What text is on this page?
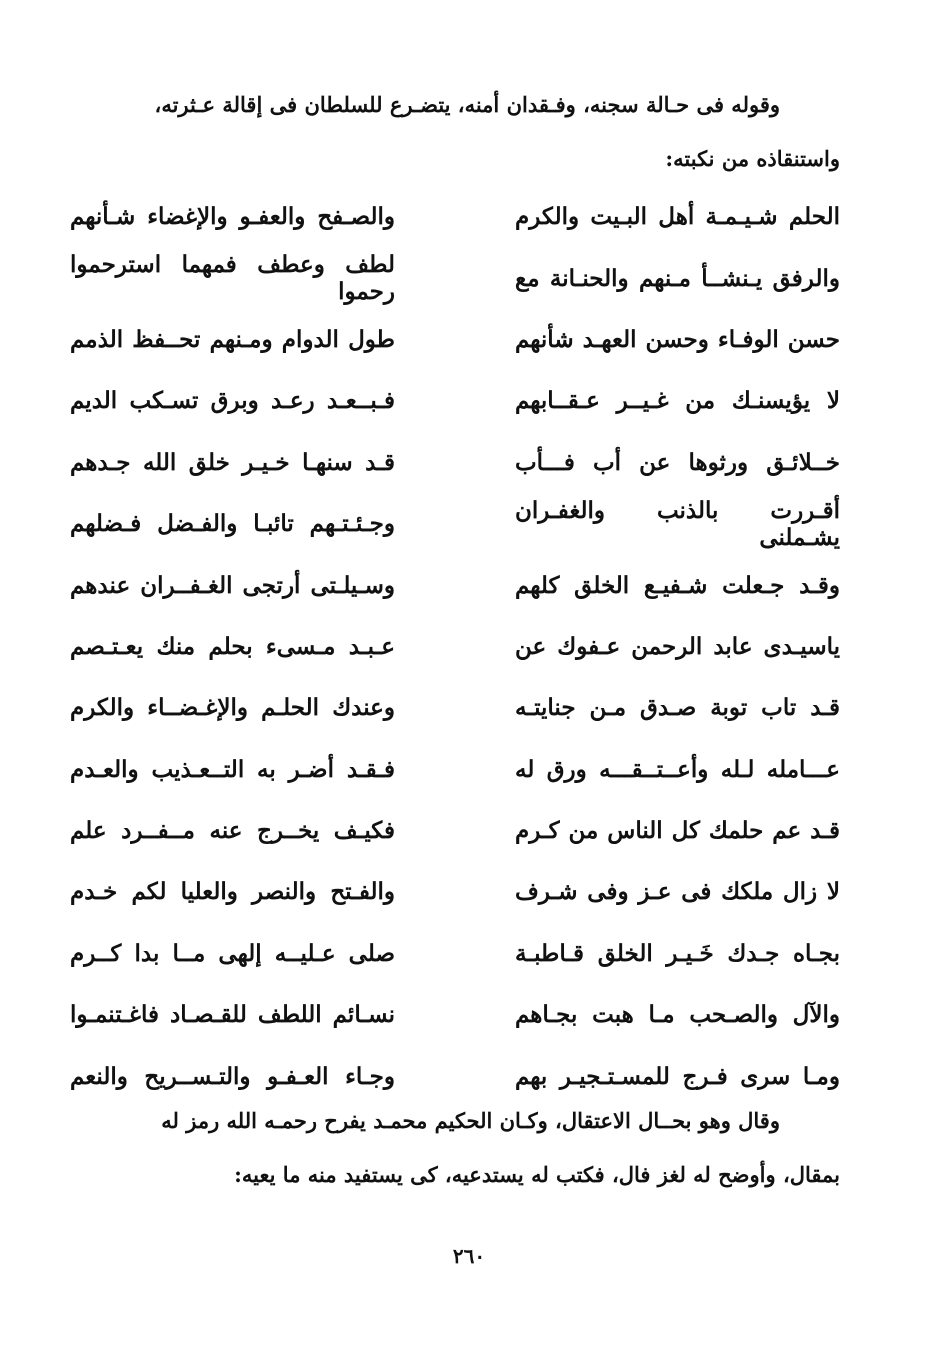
وقوله فى حـالة سجنه، وفـقدان أمنه، يتضـرع للسلطان فى إقالة عـثرته،
واستنقاذه من نكبته:
الحلم شـيـمـة أهل البـيت والكرم
والصـفح والعفـو والإغضاء شـأنهم
والرفق يـنشــأ مـنهم والحنـانة مع
لطف وعطف فمهما استرحموا رحموا
حسن الوفـاء وحسن العهـد شأنهم
طول الدوام ومـنهم تحــفظ الذمم
لا يؤيسنـك من غـيــر عـقــابهم
فـبــعـد رعـد وبرق تسـكب الديم
خــلائـق ورثوها عن أب فـــأب
قـد سنهـا خـيـر خلق الله جـدهم
أقـررت بالذنب والغفـران يشـملنى
وجـئـتـهم تائبـا والفـضل فـضلهم
وقـد جـعلت شـفيـع الخلق كلهم
وسـيلـتى أرتجى الغـفــران عندهم
ياسيـدى عابد الرحمن عـفوك عن
عـبـد مـسىء بحلم منك يعـتـصم
قـد تاب توبة صـدق مـن جنايتـه
وعندك الحلـم والإغـضــاء والكرم
عـــامله لـله وأعــتــقـــه ورق له
فـقـد أضـر به التــعـذيب والعـدم
قـد عم حلمك كل الناس من كـرم
فكيـف يخــرج عنه مــفــرد علم
لا زال ملكك فى عـز وفى شـرف
والفـتح والنصر والعليا لكم خـدم
بجـاه جـدك خَـيـر الخلق قـاطبـة
صلى عـليــه إلهى مــا بدا كــرم
والآل والصـحب مـا هبت بجـاهم
نسـائم اللطف للقـصـاد فاغـتنمـوا
ومـا سرى فـرج للمسـتـجيـر بهم
وجـاء العـفـو والتـســريح والنعم
وقال وهو بحــال الاعتقال، وكـان الحكيم محمـد يفرح رحمـه الله رمز له
بمقال، وأوضح له لغز فال، فكتب له يستدعيه، كى يستفيد منه ما يعيه:
٢٦٠
